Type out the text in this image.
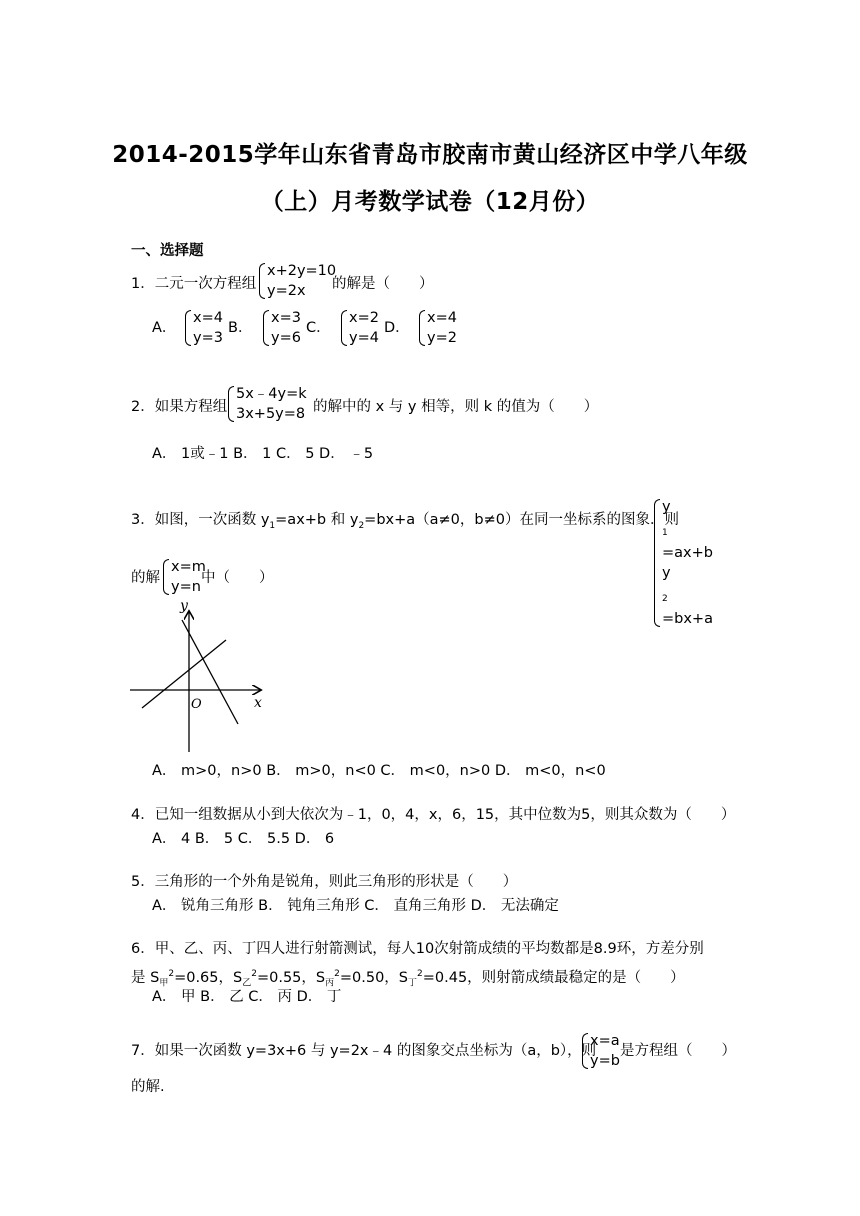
2014-2015学年山东省青岛市胶南市黄山经济区中学八年级
（上）月考数学试卷（12月份）
一、选择题
1．二元一次方程组
x+2y=10
y=2x	的解是（　　）
A．
x=4
y=3
B．
x=3
y=6
C．
x=2
y=4
D．
x=4
y=2
2．如果方程组
5x﹣4y=k
3x+5y=8 的解中的 x 与 y 相等，则 k 的值为（　　）
A． 1或﹣1 B． 1 C． 5 D． ﹣5
3．如图，一次函数 $y_1=ax+b$ 和 $y_2=bx+a(a\ne 0$，b≠0）在同一坐标系的图象．则
y
$_1$
=ax+b
y
$_2$
=bx+a
的解
x=m
y=n
中（　　）
y
x
O
A． m>0，n>0 B． m>0，n<0 C． m<0，n>0 D． m<0，n<0
4．已知一组数据从小到大依次为﹣1，0，4，x，6，15，其中位数为5，则其众数为（　　）
A． 4 B． 5 C． 5.5 D． 6
5．三角形的一个外角是锐角，则此三角形的形状是（　　）
A． 锐角三角形 B． 钝角三角形 C． 直角三角形 D． 无法确定
6．甲、乙、丙、丁四人进行射箭测试，每人10次射箭成绩的平均数都是8.9环，方差分别
是 $S_甲^2=0.65$，$S_乙^2=0.55$，$S_丙^2=0.50$，$S_丁^2=0.45$，则射箭成绩最稳定的是（　　）
A． 甲 B． 乙 C． 丙 D． 丁
7．如果一次函数 y=3x+6 与 y=2x﹣4 的图象交点坐标为（a，b），则
x=a
y=b
是方程组（　　）
的解.
